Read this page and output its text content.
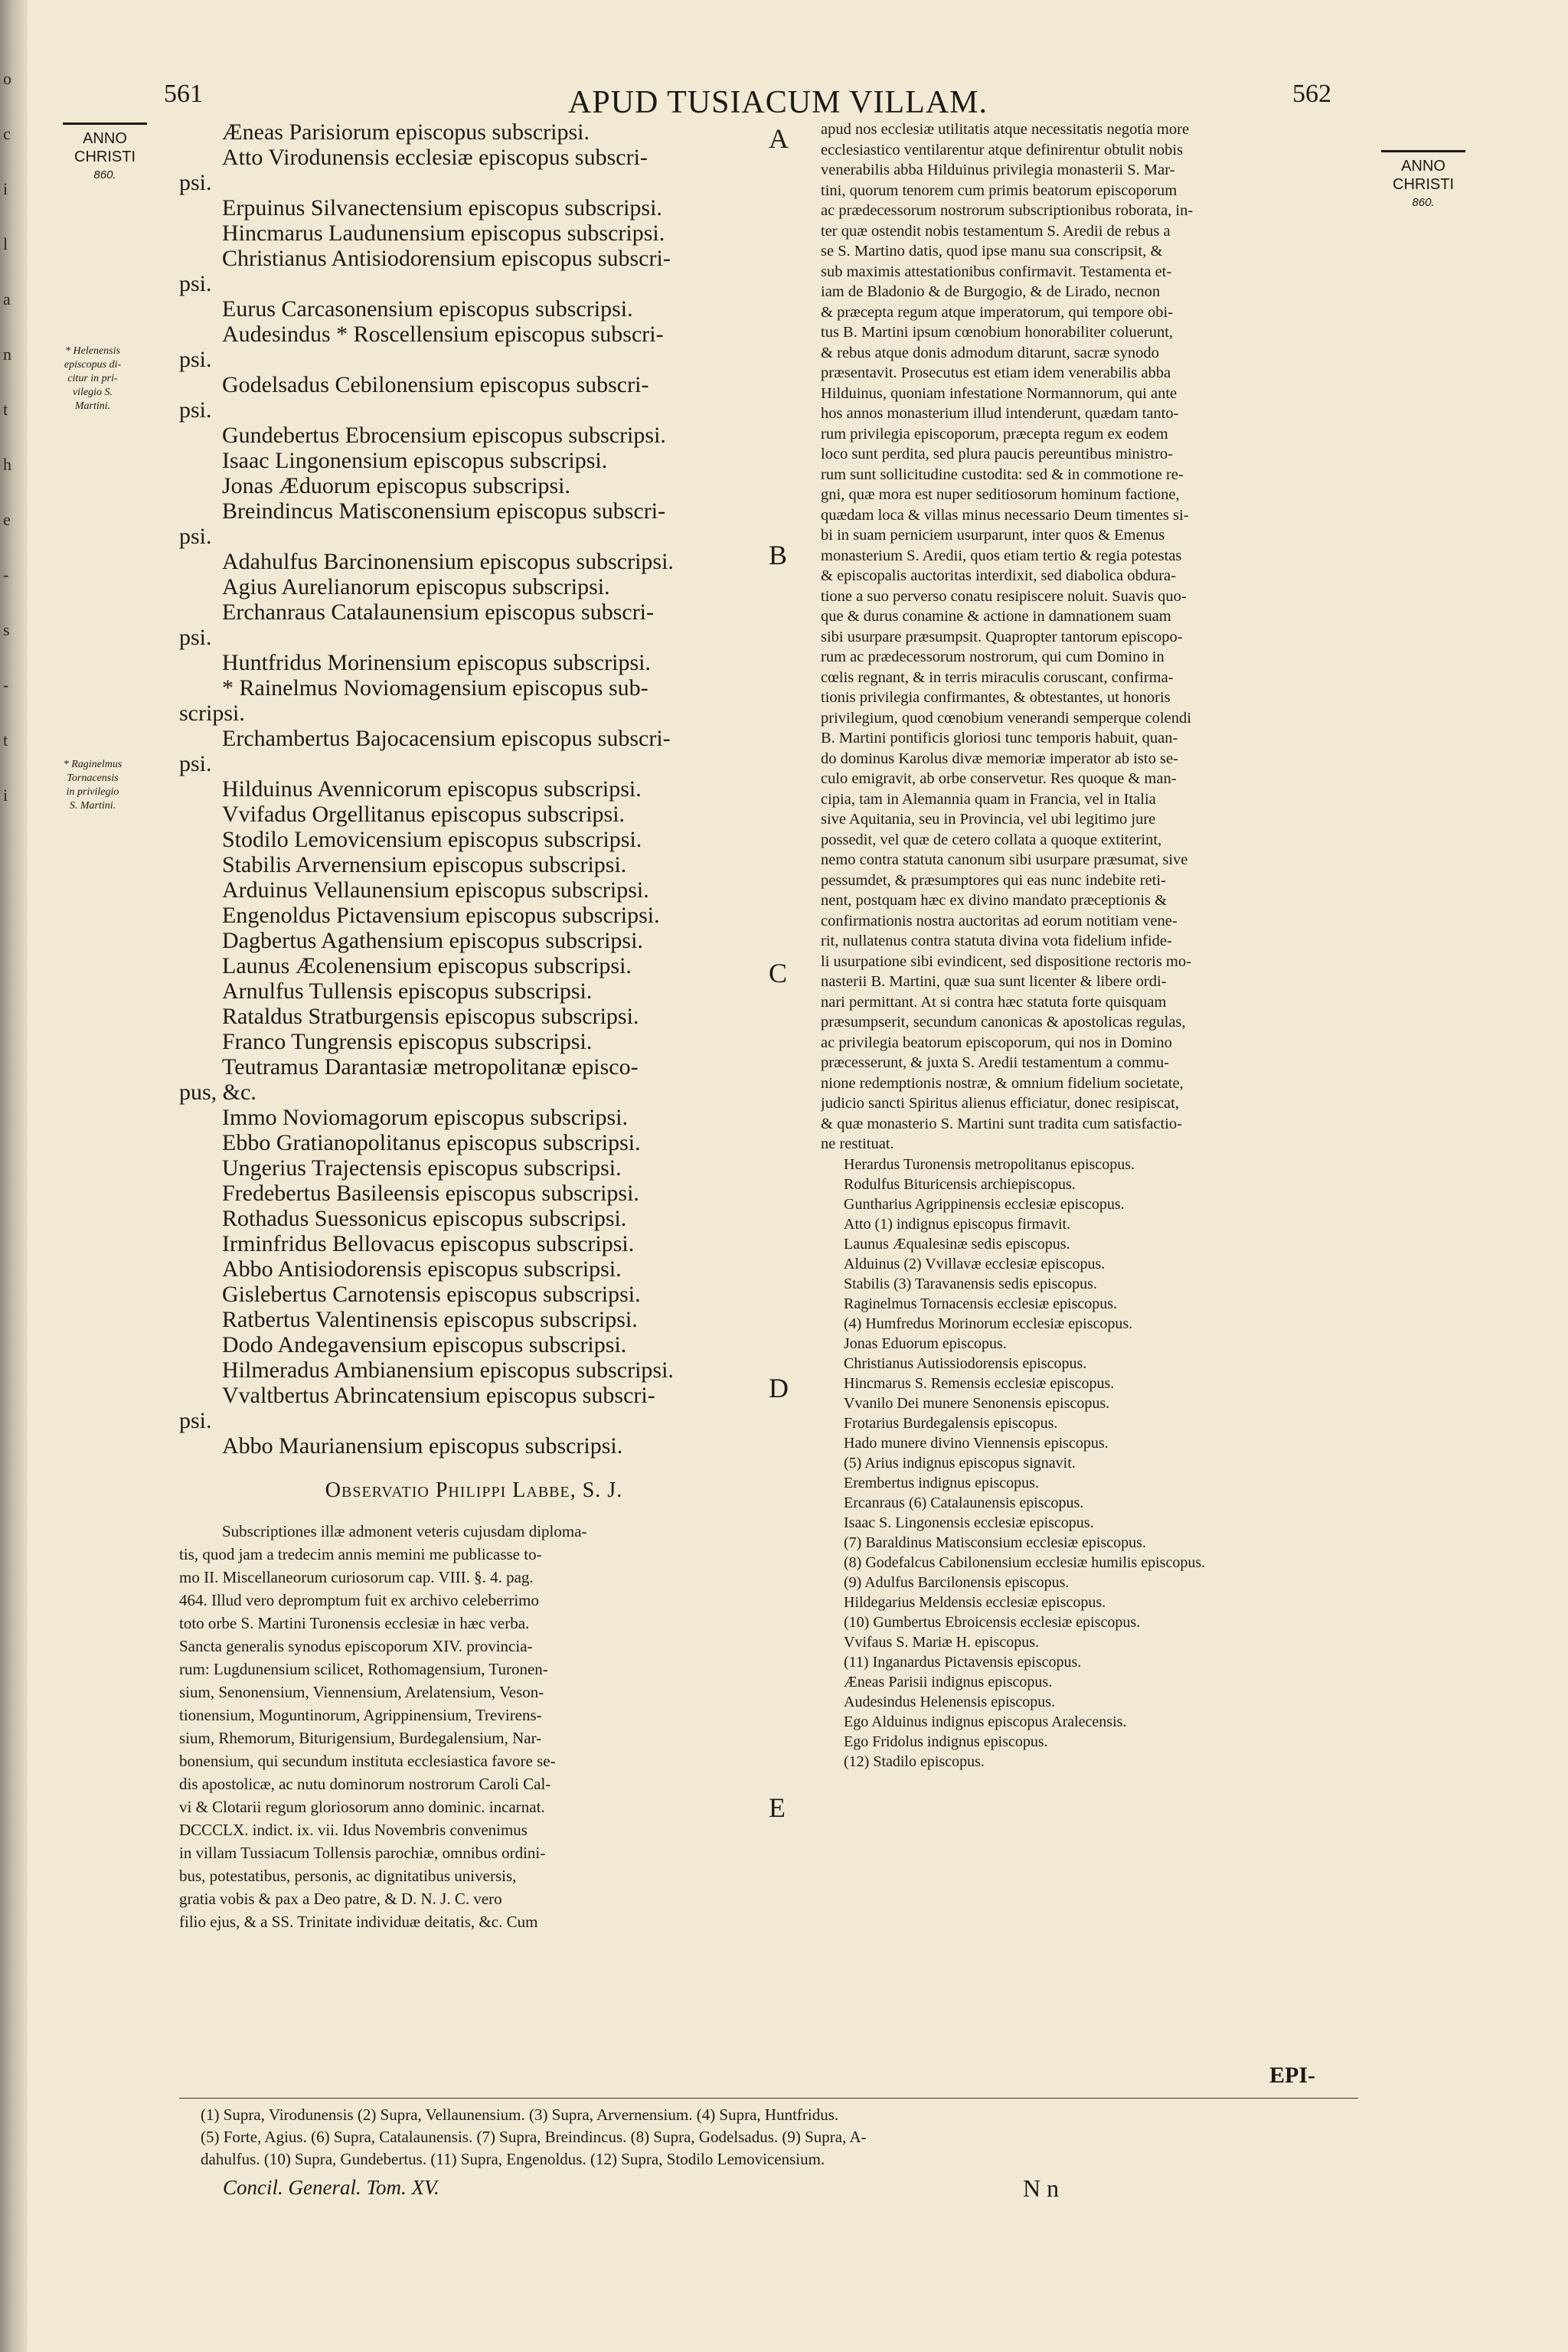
o
c
i
l
a
n
t
h
e
-
s
-
t
i
561	APUD TUSIACUM VILLAM.	562
ANNO
CHRISTI
860.
ANNO
CHRISTI
860.
* Helenensis
episcopus di-
citur in pri-
vilegio S.
Martini.
* Raginelmus
Tornacensis
in privilegio
S. Martini.
A
B
C
D
E
Æneas Parisiorum episcopus subscripsi.
Atto Virodunensis ecclesiæ episcopus subscri-
psi.
Erpuinus Silvanectensium episcopus subscripsi.
Hincmarus Laudunensium episcopus subscripsi.
Christianus Antisiodorensium episcopus subscri-
psi.
Eurus Carcasonensium episcopus subscripsi.
Audesindus * Roscellensium episcopus subscri-
psi.
Godelsadus Cebilonensium episcopus subscri-
psi.
Gundebertus Ebrocensium episcopus subscripsi.
Isaac Lingonensium episcopus subscripsi.
Jonas Æduorum episcopus subscripsi.
Breindincus Matisconensium episcopus subscri-
psi.
Adahulfus Barcinonensium episcopus subscripsi.
Agius Aurelianorum episcopus subscripsi.
Erchanraus Catalaunensium episcopus subscri-
psi.
Huntfridus Morinensium episcopus subscripsi.
* Rainelmus Noviomagensium episcopus sub-
scripsi.
Erchambertus Bajocacensium episcopus subscri-
psi.
Hilduinus Avennicorum episcopus subscripsi.
Vvifadus Orgellitanus episcopus subscripsi.
Stodilo Lemovicensium episcopus subscripsi.
Stabilis Arvernensium episcopus subscripsi.
Arduinus Vellaunensium episcopus subscripsi.
Engenoldus Pictavensium episcopus subscripsi.
Dagbertus Agathensium episcopus subscripsi.
Launus Æcolenensium episcopus subscripsi.
Arnulfus Tullensis episcopus subscripsi.
Rataldus Stratburgensis episcopus subscripsi.
Franco Tungrensis episcopus subscripsi.
Teutramus Darantasiæ metropolitanæ episco-
pus, &c.
Immo Noviomagorum episcopus subscripsi.
Ebbo Gratianopolitanus episcopus subscripsi.
Ungerius Trajectensis episcopus subscripsi.
Fredebertus Basileensis episcopus subscripsi.
Rothadus Suessonicus episcopus subscripsi.
Irminfridus Bellovacus episcopus subscripsi.
Abbo Antisiodorensis episcopus subscripsi.
Gislebertus Carnotensis episcopus subscripsi.
Ratbertus Valentinensis episcopus subscripsi.
Dodo Andegavensium episcopus subscripsi.
Hilmeradus Ambianensium episcopus subscripsi.
Vvaltbertus Abrincatensium episcopus subscri-
psi.
Abbo Maurianensium episcopus subscripsi.
Observatio Philippi Labbe, S. J.
Subscriptiones illæ admonent veteris cujusdam diploma-
tis, quod jam a tredecim annis memini me publicasse to-
mo II. Miscellaneorum curiosorum cap. VIII. §. 4. pag.
464. Illud vero depromptum fuit ex archivo celeberrimo
toto orbe S. Martini Turonensis ecclesiæ in hæc verba.
Sancta generalis synodus episcoporum XIV. provincia-
rum: Lugdunensium scilicet, Rothomagensium, Turonen-
sium, Senonensium, Viennensium, Arelatensium, Veson-
tionensium, Moguntinorum, Agrippinensium, Trevirens-
sium, Rhemorum, Biturigensium, Burdegalensium, Nar-
bonensium, qui secundum instituta ecclesiastica favore se-
dis apostolicæ, ac nutu dominorum nostrorum Caroli Cal-
vi & Clotarii regum gloriosorum anno dominic. incarnat.
DCCCLX. indict. ix. vii. Idus Novembris convenimus
in villam Tussiacum Tollensis parochiæ, omnibus ordini-
bus, potestatibus, personis, ac dignitatibus universis,
gratia vobis & pax a Deo patre, & D. N. J. C. vero
filio ejus, & a SS. Trinitate individuæ deitatis, &c. Cum
apud nos ecclesiæ utilitatis atque necessitatis negotia more
ecclesiastico ventilarentur atque definirentur obtulit nobis
venerabilis abba Hilduinus privilegia monasterii S. Mar-
tini, quorum tenorem cum primis beatorum episcoporum
ac prædecessorum nostrorum subscriptionibus roborata, in-
ter quæ ostendit nobis testamentum S. Aredii de rebus a
se S. Martino datis, quod ipse manu sua conscripsit, &
sub maximis attestationibus confirmavit. Testamenta et-
iam de Bladonio & de Burgogio, & de Lirado, necnon
& præcepta regum atque imperatorum, qui tempore obi-
tus B. Martini ipsum cœnobium honorabiliter coluerunt,
& rebus atque donis admodum ditarunt, sacræ synodo
præsentavit. Prosecutus est etiam idem venerabilis abba
Hilduinus, quoniam infestatione Normannorum, qui ante
hos annos monasterium illud intenderunt, quædam tanto-
rum privilegia episcoporum, præcepta regum ex eodem
loco sunt perdita, sed plura paucis pereuntibus ministro-
rum sunt sollicitudine custodita: sed & in commotione re-
gni, quæ mora est nuper seditiosorum hominum factione,
quædam loca & villas minus necessario Deum timentes si-
bi in suam perniciem usurparunt, inter quos & Emenus
monasterium S. Aredii, quos etiam tertio & regia potestas
& episcopalis auctoritas interdixit, sed diabolica obdura-
tione a suo perverso conatu resipiscere noluit. Suavis quo-
que & durus conamine & actione in damnationem suam
sibi usurpare præsumpsit. Quapropter tantorum episcopo-
rum ac prædecessorum nostrorum, qui cum Domino in
cœlis regnant, & in terris miraculis coruscant, confirma-
tionis privilegia confirmantes, & obtestantes, ut honoris
privilegium, quod cœnobium venerandi semperque colendi
B. Martini pontificis gloriosi tunc temporis habuit, quan-
do dominus Karolus divæ memoriæ imperator ab isto se-
culo emigravit, ab orbe conservetur. Res quoque & man-
cipia, tam in Alemannia quam in Francia, vel in Italia
sive Aquitania, seu in Provincia, vel ubi legitimo jure
possedit, vel quæ de cetero collata a quoque extiterint,
nemo contra statuta canonum sibi usurpare præsumat, sive
pessumdet, & præsumptores qui eas nunc indebite reti-
nent, postquam hæc ex divino mandato præceptionis &
confirmationis nostra auctoritas ad eorum notitiam vene-
rit, nullatenus contra statuta divina vota fidelium infide-
li usurpatione sibi evindicent, sed dispositione rectoris mo-
nasterii B. Martini, quæ sua sunt licenter & libere ordi-
nari permittant. At si contra hæc statuta forte quisquam
præsumpserit, secundum canonicas & apostolicas regulas,
ac privilegia beatorum episcoporum, qui nos in Domino
præcesserunt, & juxta S. Aredii testamentum a commu-
nione redemptionis nostræ, & omnium fidelium societate,
judicio sancti Spiritus alienus efficiatur, donec resipiscat,
& quæ monasterio S. Martini sunt tradita cum satisfactio-
ne restituat.
Herardus Turonensis metropolitanus episcopus.
Rodulfus Bituricensis archiepiscopus.
Guntharius Agrippinensis ecclesiæ episcopus.
Atto (1) indignus episcopus firmavit.
Launus Æqualesinæ sedis episcopus.
Alduinus (2) Vvillavæ ecclesiæ episcopus.
Stabilis (3) Taravanensis sedis episcopus.
Raginelmus Tornacensis ecclesiæ episcopus.
(4) Humfredus Morinorum ecclesiæ episcopus.
Jonas Eduorum episcopus.
Christianus Autissiodorensis episcopus.
Hincmarus S. Remensis ecclesiæ episcopus.
Vvanilo Dei munere Senonensis episcopus.
Frotarius Burdegalensis episcopus.
Hado munere divino Viennensis episcopus.
(5) Arius indignus episcopus signavit.
Erembertus indignus episcopus.
Ercanraus (6) Catalaunensis episcopus.
Isaac S. Lingonensis ecclesiæ episcopus.
(7) Baraldinus Matisconsium ecclesiæ episcopus.
(8) Godefalcus Cabilonensium ecclesiæ humilis episcopus.
(9) Adulfus Barcilonensis episcopus.
Hildegarius Meldensis ecclesiæ episcopus.
(10) Gumbertus Ebroicensis ecclesiæ episcopus.
Vvifaus S. Mariæ H. episcopus.
(11) Inganardus Pictavensis episcopus.
Æneas Parisii indignus episcopus.
Audesindus Helenensis episcopus.
Ego Alduinus indignus episcopus Aralecensis.
Ego Fridolus indignus episcopus.
(12) Stadilo episcopus.
EPI-
(1) Supra, Virodunensis (2) Supra, Vellaunensium. (3) Supra, Arvernensium. (4) Supra, Huntfridus.
(5) Forte, Agius. (6) Supra, Catalaunensis. (7) Supra, Breindincus. (8) Supra, Godelsadus. (9) Supra, A-
dahulfus. (10) Supra, Gundebertus. (11) Supra, Engenoldus. (12) Supra, Stodilo Lemovicensium.
Concil. General. Tom. XV.	N n
